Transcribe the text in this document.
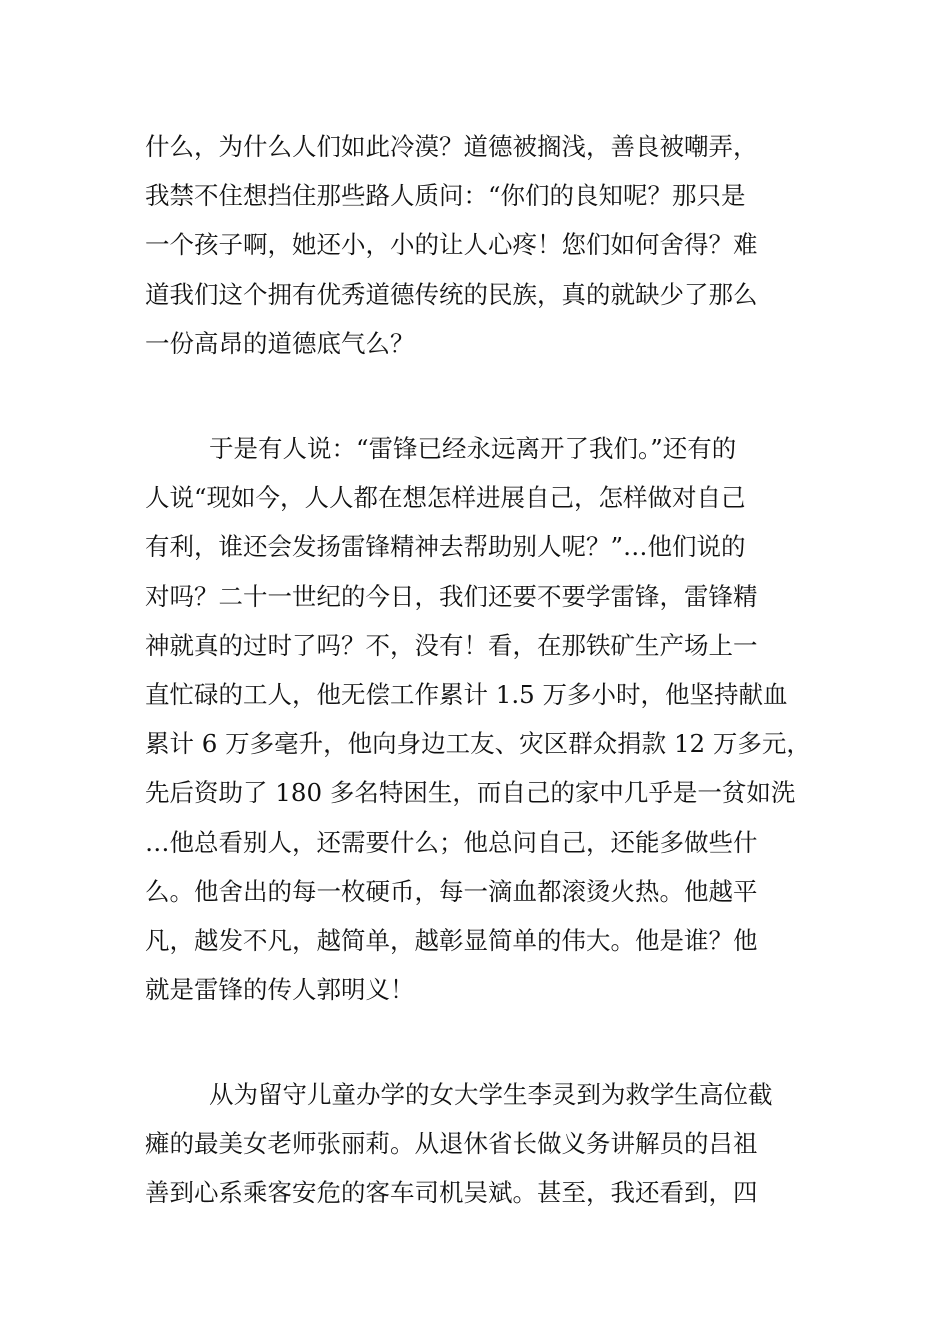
什么，为什么人们如此冷漠？道德被搁浅，善良被嘲弄，
我禁不住想挡住那些路人质问：“你们的良知呢？那只是
一个孩子啊，她还小，小的让人心疼！您们如何舍得？难
道我们这个拥有优秀道德传统的民族，真的就缺少了那么
一份高昂的道德底气么？
于是有人说：“雷锋已经永远离开了我们。”还有的
人说“现如今，人人都在想怎样进展自己，怎样做对自己
有利，谁还会发扬雷锋精神去帮助别人呢？”…他们说的
对吗？二十一世纪的今日，我们还要不要学雷锋，雷锋精
神就真的过时了吗？不，没有！看，在那铁矿生产场上一
直忙碌的工人，他无偿工作累计 1.5 万多小时，他坚持献血
累计 6 万多毫升，他向身边工友、灾区群众捐款 12 万多元，
先后资助了 180 多名特困生，而自己的家中几乎是一贫如洗
…他总看别人，还需要什么；他总问自己，还能多做些什
么。他舍出的每一枚硬币，每一滴血都滚烫火热。他越平
凡，越发不凡，越简单，越彰显简单的伟大。他是谁？他
就是雷锋的传人郭明义！
从为留守儿童办学的女大学生李灵到为救学生高位截
瘫的最美女老师张丽莉。从退休省长做义务讲解员的吕祖
善到心系乘客安危的客车司机吴斌。甚至，我还看到，四
